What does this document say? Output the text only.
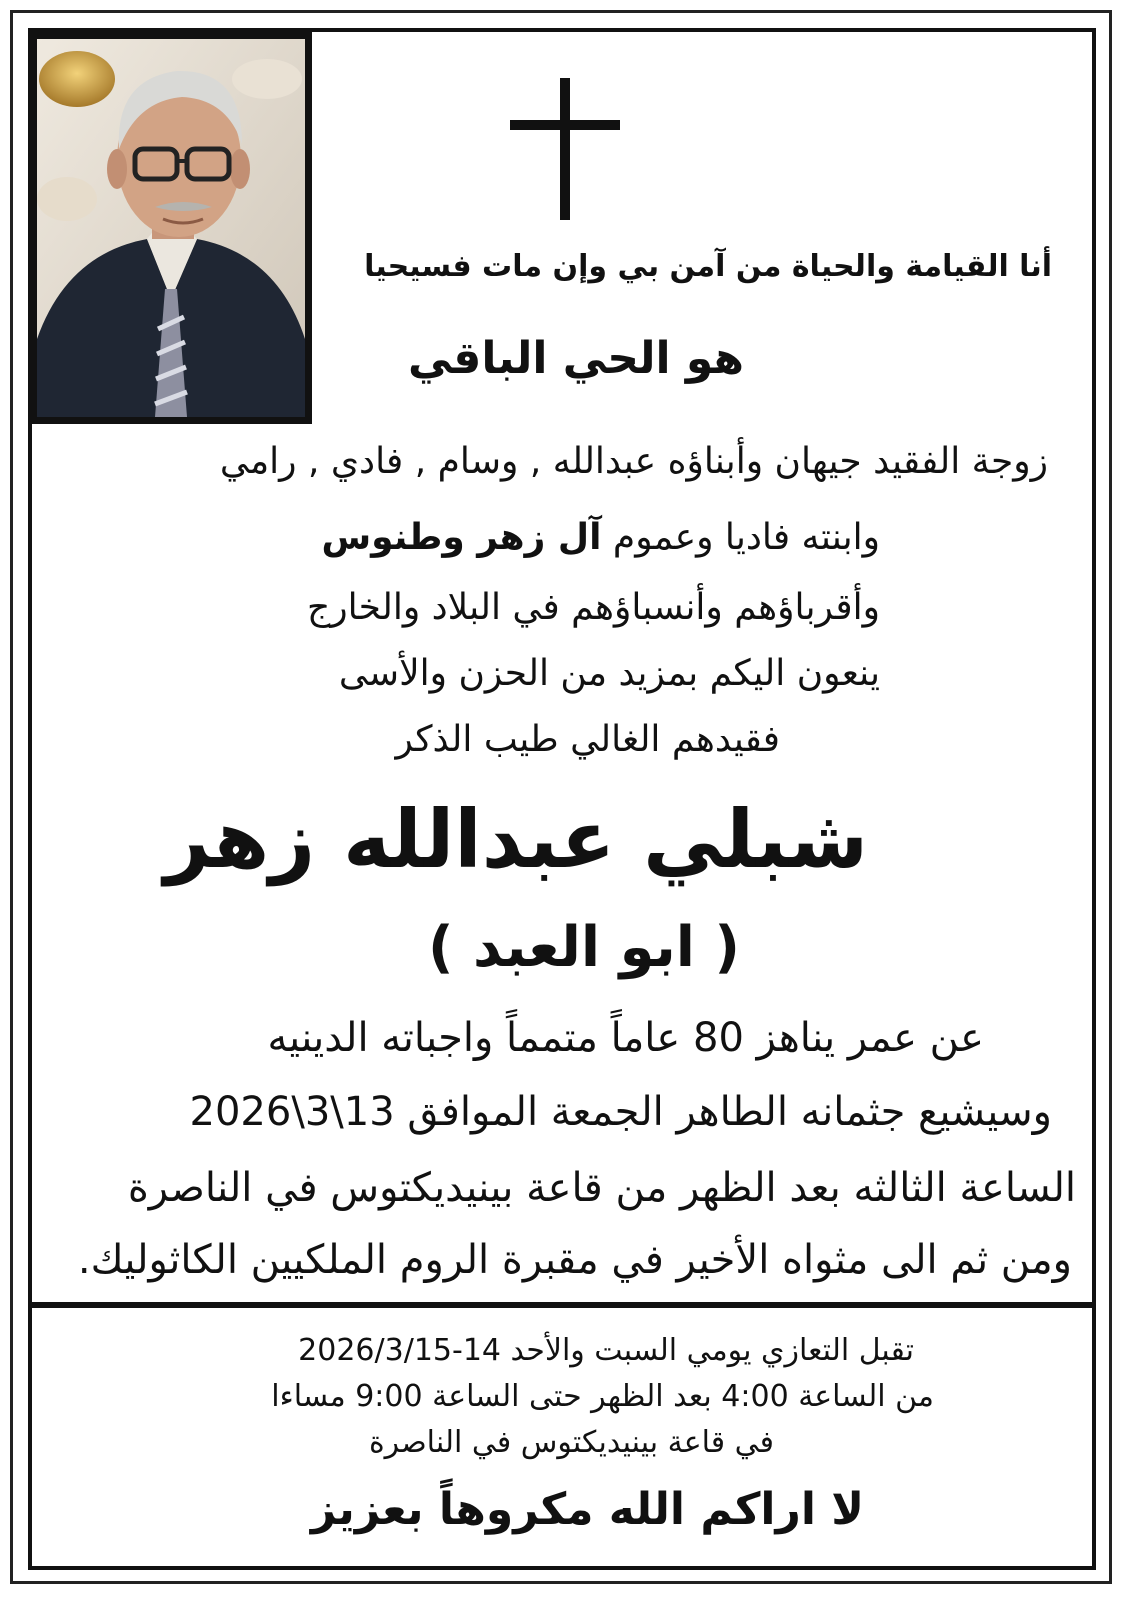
أنا القيامة والحياة من آمن بي وإن مات فسيحيا
هو الحي الباقي
زوجة الفقيد جيهان وأبناؤه عبدالله , وسام , فادي , رامي
وابنته فاديا وعموم آل زهر وطنوس
وأقرباؤهم وأنسباؤهم في البلاد والخارج
ينعون اليكم بمزيد من الحزن والأسى
فقيدهم الغالي طيب الذكر
شبلي عبدالله زهر
( ابو العبد )
عن عمر يناهز 80 عاماً متمماً واجباته الدينيه
وسيشيع جثمانه الطاهر الجمعة الموافق 13\3\2026
الساعة الثالثه بعد الظهر من قاعة بينيديكتوس في الناصرة
ومن ثم الى مثواه الأخير في مقبرة الروم الملكيين الكاثوليك.
تقبل التعازي يومي السبت والأحد 14-2026/3/15
من الساعة 4:00 بعد الظهر حتى الساعة 9:00 مساءا
في قاعة بينيديكتوس في الناصرة
لا اراكم الله مكروهاً بعزيز
